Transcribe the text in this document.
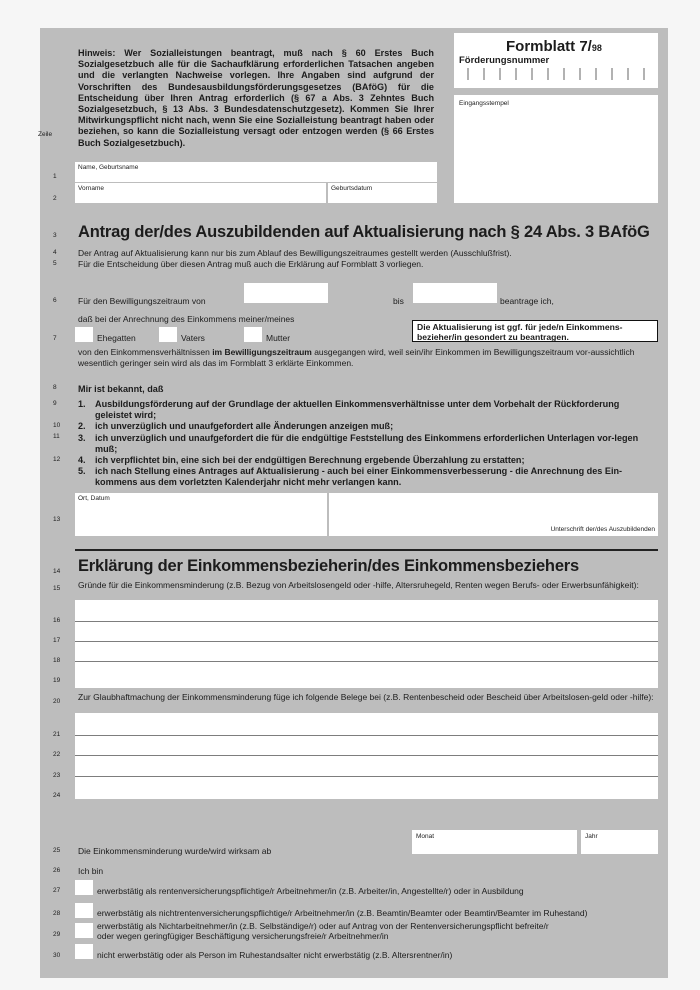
Hinweis: Wer Sozialleistungen beantragt, muß nach § 60 Erstes Buch Sozialgesetzbuch alle für die Sachaufklärung erforderlichen Tatsachen angeben und die verlangten Nachweise vorlegen. Ihre Angaben sind aufgrund der Vorschriften des Bundesausbildungsförderungsgesetzes (BAföG) für die Entscheidung über Ihren Antrag erforderlich (§ 67 a Abs. 3 Zehntes Buch Sozialgesetzbuch, § 13 Abs. 3 Bundesdatenschutzgesetz). Kommen Sie Ihrer Mitwirkungspflicht nicht nach, wenn Sie eine Sozialleistung beantragt haben oder beziehen, so kann die Sozialleistung versagt oder entzogen werden (§ 66 Erstes Buch Sozialgesetzbuch).
Zeile
Formblatt 7/98
Förderungsnummer
Eingangsstempel
1
2
3
4
5
6
7
8
9
10
11
12
13
14
15
16
17
18
19
20
21
22
23
24
25
26
27
28
29
30
Name, Geburtsname
Vorname	Geburtsdatum
Antrag der/des Auszubildenden auf Aktualisierung nach § 24 Abs. 3 BAföG
Der Antrag auf Aktualisierung kann nur bis zum Ablauf des Bewilligungszeitraumes gestellt werden (Ausschlußfrist).
Für die Entscheidung über diesen Antrag muß auch die Erklärung auf Formblatt 3 vorliegen.
Für den Bewilligungszeitraum von	bis	beantrage ich,
daß bei der Anrechnung des Einkommens meiner/meines
Ehegatten	Vaters	Mutter
Die Aktualisierung ist ggf. für jede/n Einkommens-bezieher/in gesondert zu beantragen.
von den Einkommensverhältnissen im Bewilligungszeitraum ausgegangen wird, weil sein/ihr Einkommen im Bewilligungszeitraum vor-aussichtlich wesentlich geringer sein wird als das im Formblatt 3 erklärte Einkommen.
Mir ist bekannt, daß
1.	Ausbildungsförderung auf der Grundlage der aktuellen Einkommensverhältnisse unter dem Vorbehalt der Rückforderung geleistet wird;
2.	ich unverzüglich und unaufgefordert alle Änderungen anzeigen muß;
3.	ich unverzüglich und unaufgefordert die für die endgültige Feststellung des Einkommens erforderlichen Unterlagen vor-legen muß;
4.	ich verpflichtet bin, eine sich bei der endgültigen Berechnung ergebende Überzahlung zu erstatten;
5.	ich nach Stellung eines Antrages auf Aktualisierung - auch bei einer Einkommensverbesserung - die Anrechnung des Ein-kommens aus dem vorletzten Kalenderjahr nicht mehr verlangen kann.
Ort, Datum
Unterschrift der/des Auszubildenden
Erklärung der Einkommensbezieherin/des Einkommensbeziehers
Gründe für die Einkommensminderung (z.B. Bezug von Arbeitslosengeld oder -hilfe, Altersruhegeld, Renten wegen Berufs- oder Erwerbsunfähigkeit):
Zur Glaubhaftmachung der Einkommensminderung füge ich folgende Belege bei (z.B. Rentenbescheid oder Bescheid über Arbeitslosen-geld oder -hilfe):
Monat	Jahr
Die Einkommensminderung wurde/wird wirksam ab
Ich bin
erwerbstätig als rentenversicherungspflichtige/r Arbeitnehmer/in (z.B. Arbeiter/in, Angestellte/r) oder in Ausbildung
erwerbstätig als nichtrentenversicherungspflichtige/r Arbeitnehmer/in (z.B. Beamtin/Beamter oder Beamtin/Beamter im Ruhestand)
erwerbstätig als Nichtarbeitnehmer/in (z.B. Selbständige/r) oder auf Antrag von der Rentenversicherungspflicht befreite/r oder wegen geringfügiger Beschäftigung versicherungsfreie/r Arbeitnehmer/in
nicht erwerbstätig oder als Person im Ruhestandsalter nicht erwerbstätig (z.B. Altersrentner/in)
